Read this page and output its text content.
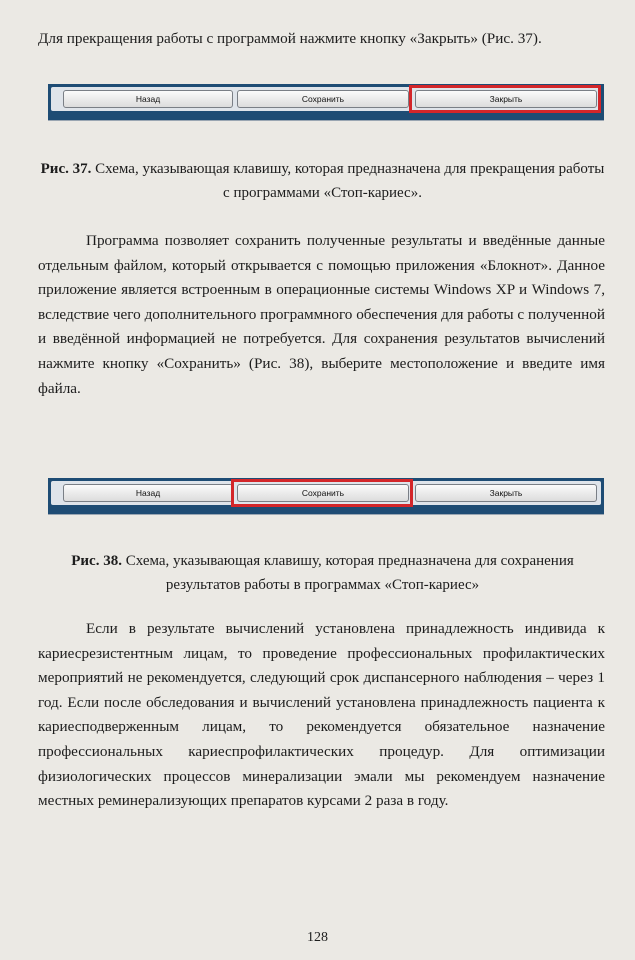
Для прекращения работы с программой нажмите кнопку «Закрыть» (Рис. 37).

Назад	Сохранить	Закрыть

Рис. 37. Схема, указывающая клавишу, которая предназначена для прекращения работы с программами «Стоп-кариес».

Программа позволяет сохранить полученные результаты и введённые данные отдельным файлом, который открывается с помощью приложения «Блокнот». Данное приложение является встроенным в операционные системы Windows XP и Windows 7, вследствие чего дополнительного программного обеспечения для работы с полученной и введённой информацией не потребуется. Для сохранения результатов вычислений нажмите кнопку «Сохранить» (Рис. 38), выберите местоположение и введите имя файла.

Назад	Сохранить	Закрыть

Рис. 38. Схема, указывающая клавишу, которая предназначена для сохранения результатов работы в программах «Стоп-кариес»

Если в результате вычислений установлена принадлежность индивида к кариесрезистентным лицам, то проведение профессиональных профилактических мероприятий не рекомендуется, следующий срок диспансерного наблюдения – через 1 год. Если после обследования и вычислений установлена принадлежность пациента к кариесподверженным лицам, то рекомендуется обязательное назначение профессиональных кариеспрофилактических процедур. Для оптимизации физиологических процессов минерализации эмали мы рекомендуем назначение местных реминерализующих препаратов курсами 2 раза в году.

128
